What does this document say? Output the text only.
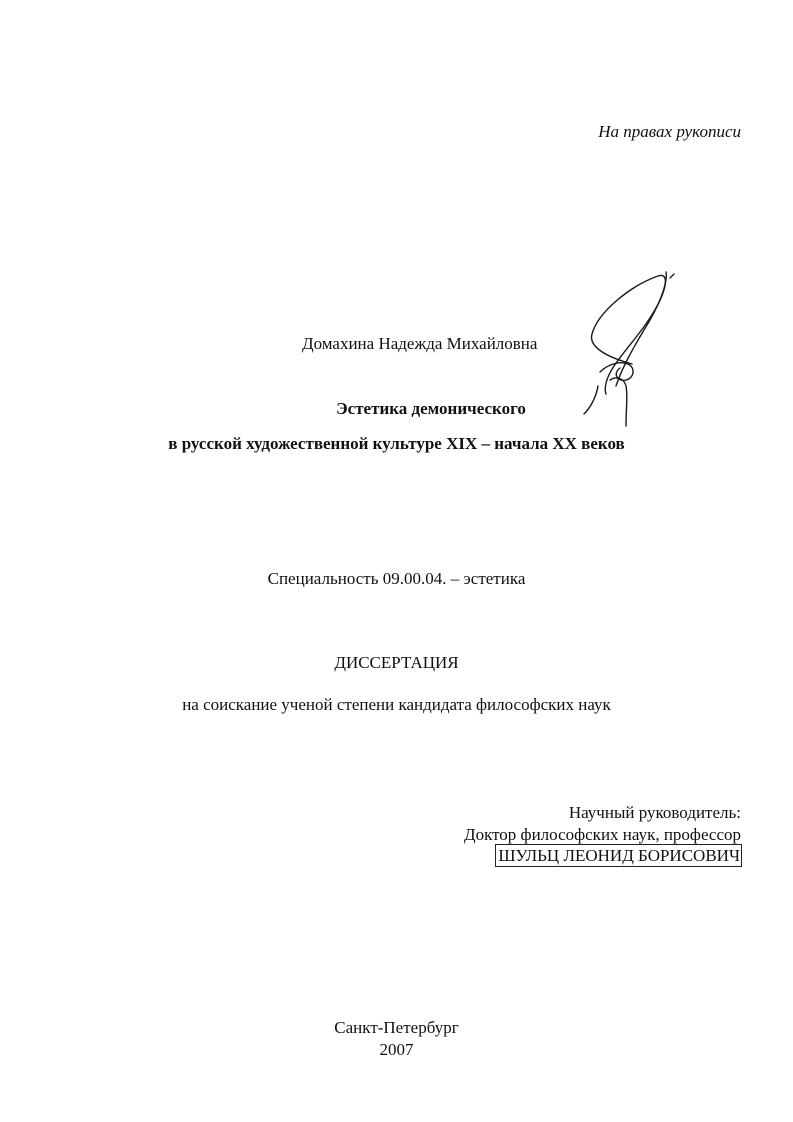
На правах рукописи
Домахина Надежда Михайловна
Эстетика демонического
в русской художественной культуре XIX – начала XX веков
Специальность 09.00.04. – эстетика
ДИССЕРТАЦИЯ
на соискание ученой степени кандидата философских наук
Научный руководитель:
Доктор философских наук, профессор
ШУЛЬЦ ЛЕОНИД БОРИСОВИЧ
Санкт-Петербург
2007
